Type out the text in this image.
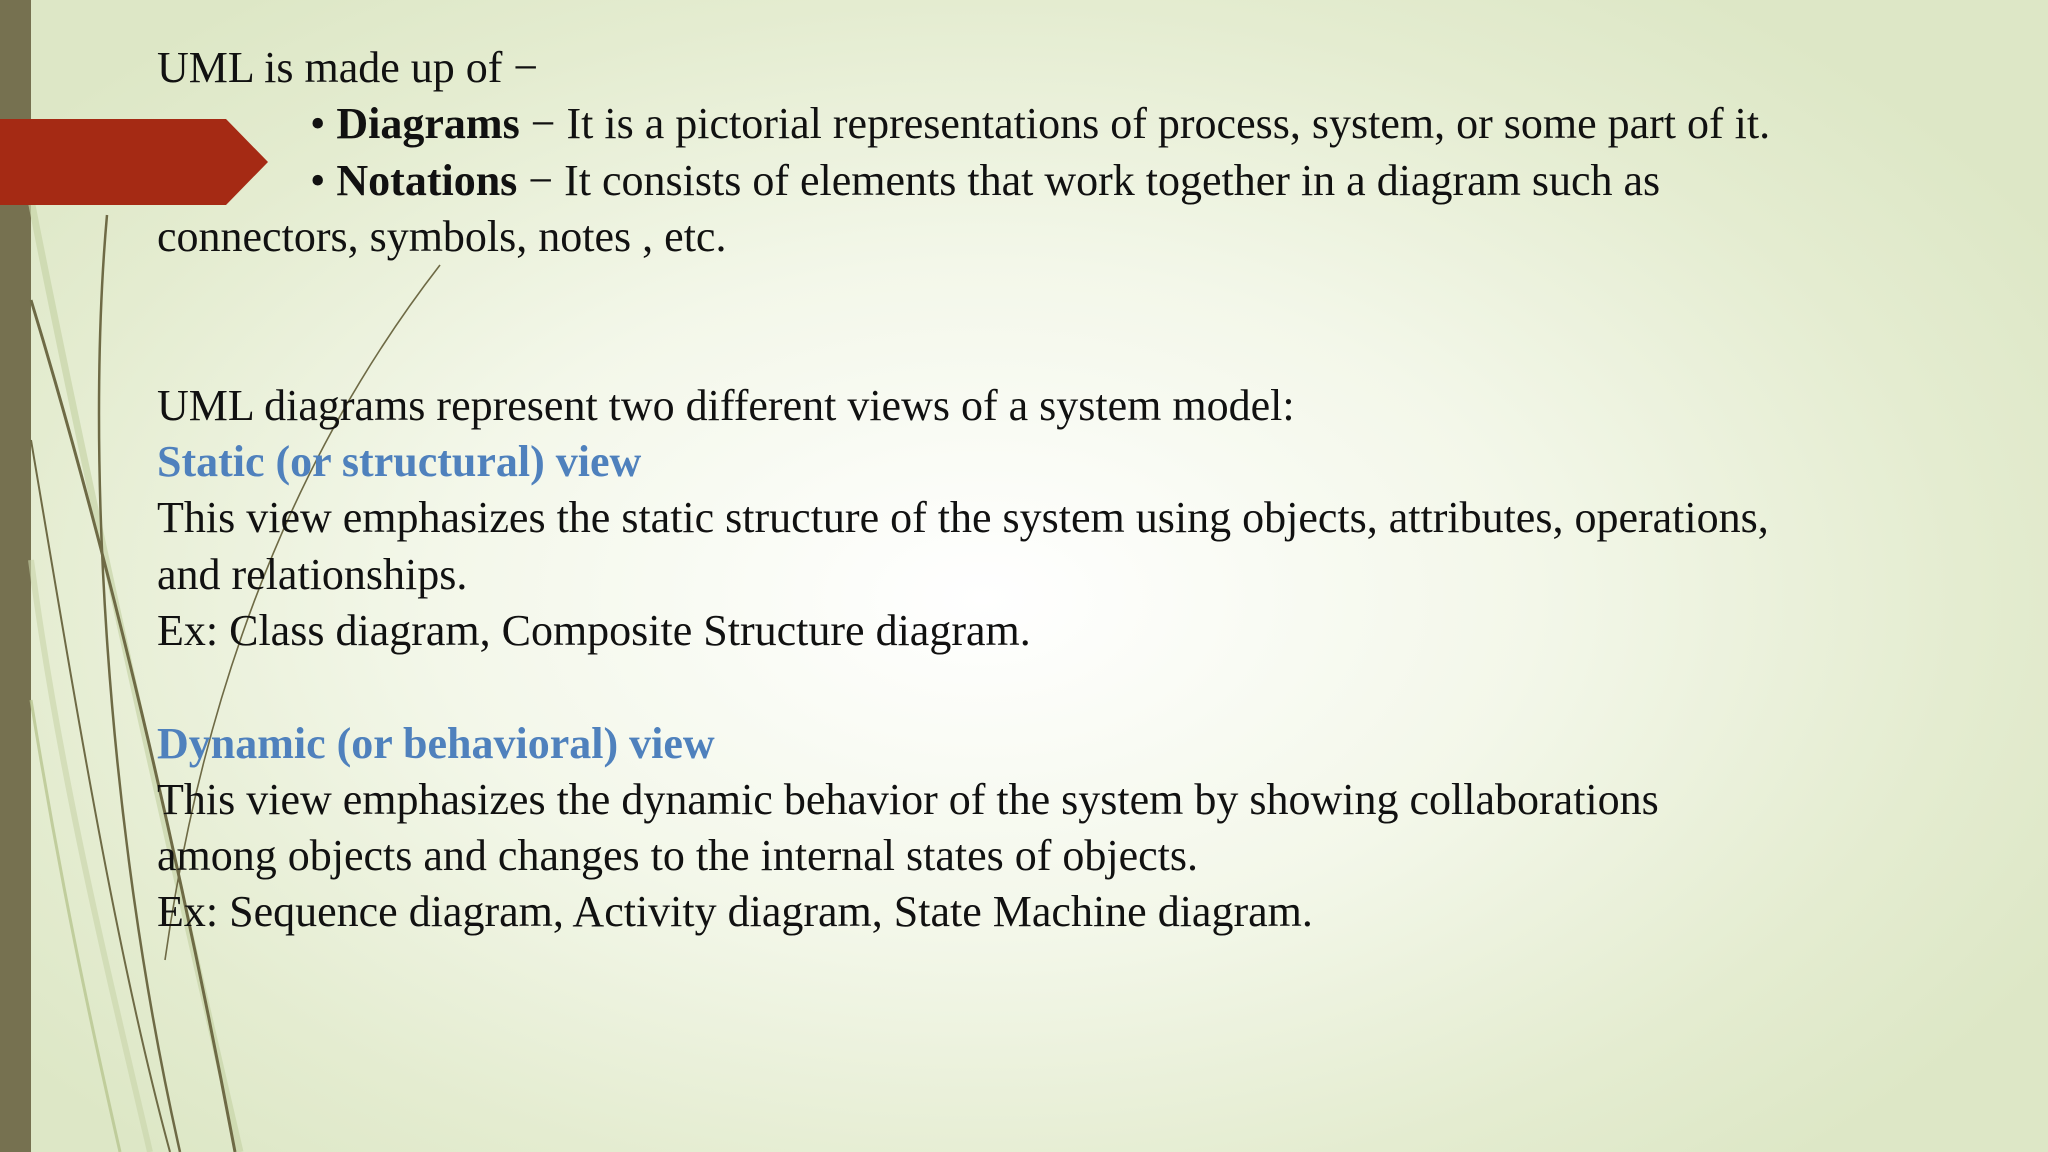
UML is made up of −
• Diagrams − It is a pictorial representations of process, system, or some part of it.
• Notations − It consists of elements that work together in a diagram such as
connectors, symbols, notes , etc.
UML diagrams represent two different views of a system model:
Static (or structural) view
This view emphasizes the static structure of the system using objects, attributes, operations,
and relationships.
Ex: Class diagram, Composite Structure diagram.
Dynamic (or behavioral) view
This view emphasizes the dynamic behavior of the system by showing collaborations
among objects and changes to the internal states of objects.
Ex: Sequence diagram, Activity diagram, State Machine diagram.
